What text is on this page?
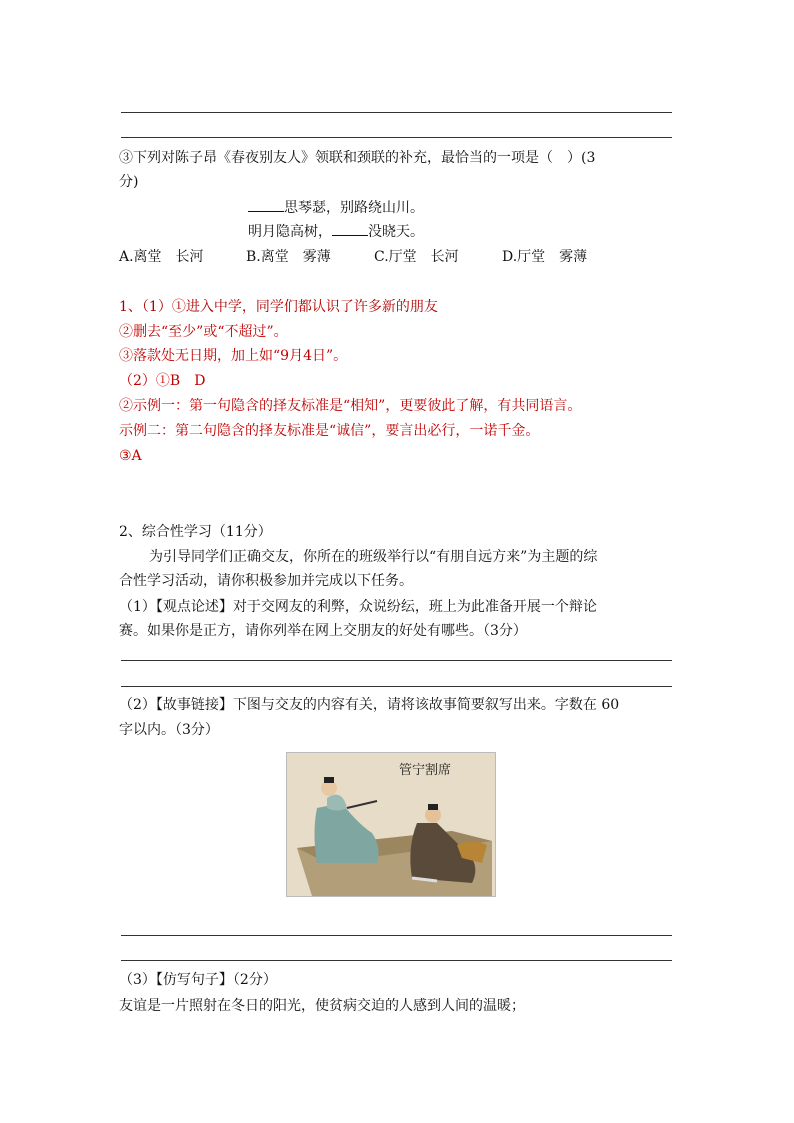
③下列对陈子昂《春夜别友人》领联和颈联的补充，最恰当的一项是（　）(3
分)
思琴瑟，别路绕山川。
明月隐高树，	没晓天。
A.离堂　长河	B.离堂　雾薄	C.厅堂　长河	D.厅堂　雾薄
1、（1）①进入中学，同学们都认识了许多新的朋友
②删去“至少”或“不超过”。
③落款处无日期，加上如“9月4日”。
（2）①B　D
②示例一：第一句隐含的择友标准是“相知”，更要彼此了解，有共同语言。
示例二：第二句隐含的择友标准是“诚信”，要言出必行，一诺千金。
③A
2、综合性学习（11分）
为引导同学们正确交友，你所在的班级举行以“有朋自远方来”为主题的综
合性学习活动，请你积极参加并完成以下任务。
（1）【观点论述】对于交网友的利弊，众说纷纭，班上为此准备开展一个辩论
赛。如果你是正方，请你列举在网上交朋友的好处有哪些。（3分）
（2）【故事链接】下图与交友的内容有关，请将该故事简要叙写出来。字数在 60
字以内。（3分）
管宁割席
（3）【仿写句子】（2分）
友谊是一片照射在冬日的阳光，使贫病交迫的人感到人间的温暖；
